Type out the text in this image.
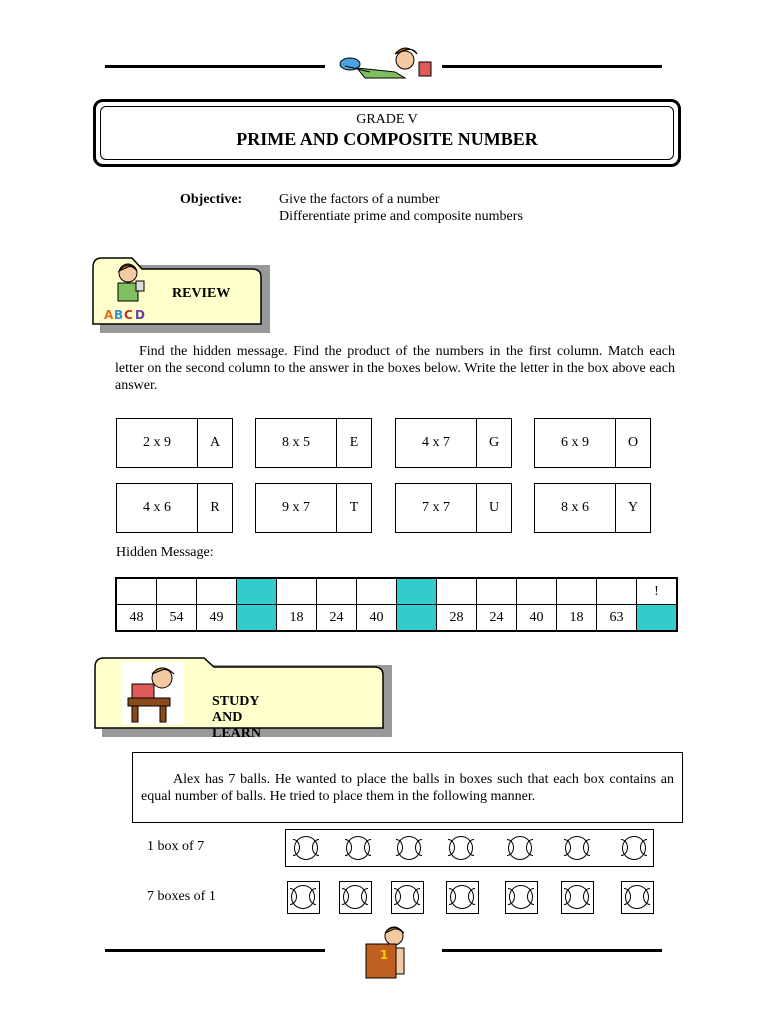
GRADE V
PRIME AND COMPOSITE NUMBER
Objective:	Give the factors of a number
Differentiate prime and composite numbers
A B C D
REVIEW
Find the hidden message. Find the product of the numbers in the first column. Match each letter on the second column to the answer in the boxes below. Write the letter in the box above each answer.
2 x 9	A	8 x 5	E	4 x 7	G	6 x 9	O
4 x 6	R	9 x 7	T	7 x 7	U	8 x 6	Y
Hidden Message:
													!
48	54	49		18	24	40		28	24	40	18	63	
STUDY AND LEARN
Alex has 7 balls. He wanted to place the balls in boxes such that each box contains an equal number of balls. He tried to place them in the following manner.
1 box of 7
7 boxes of 1
1
